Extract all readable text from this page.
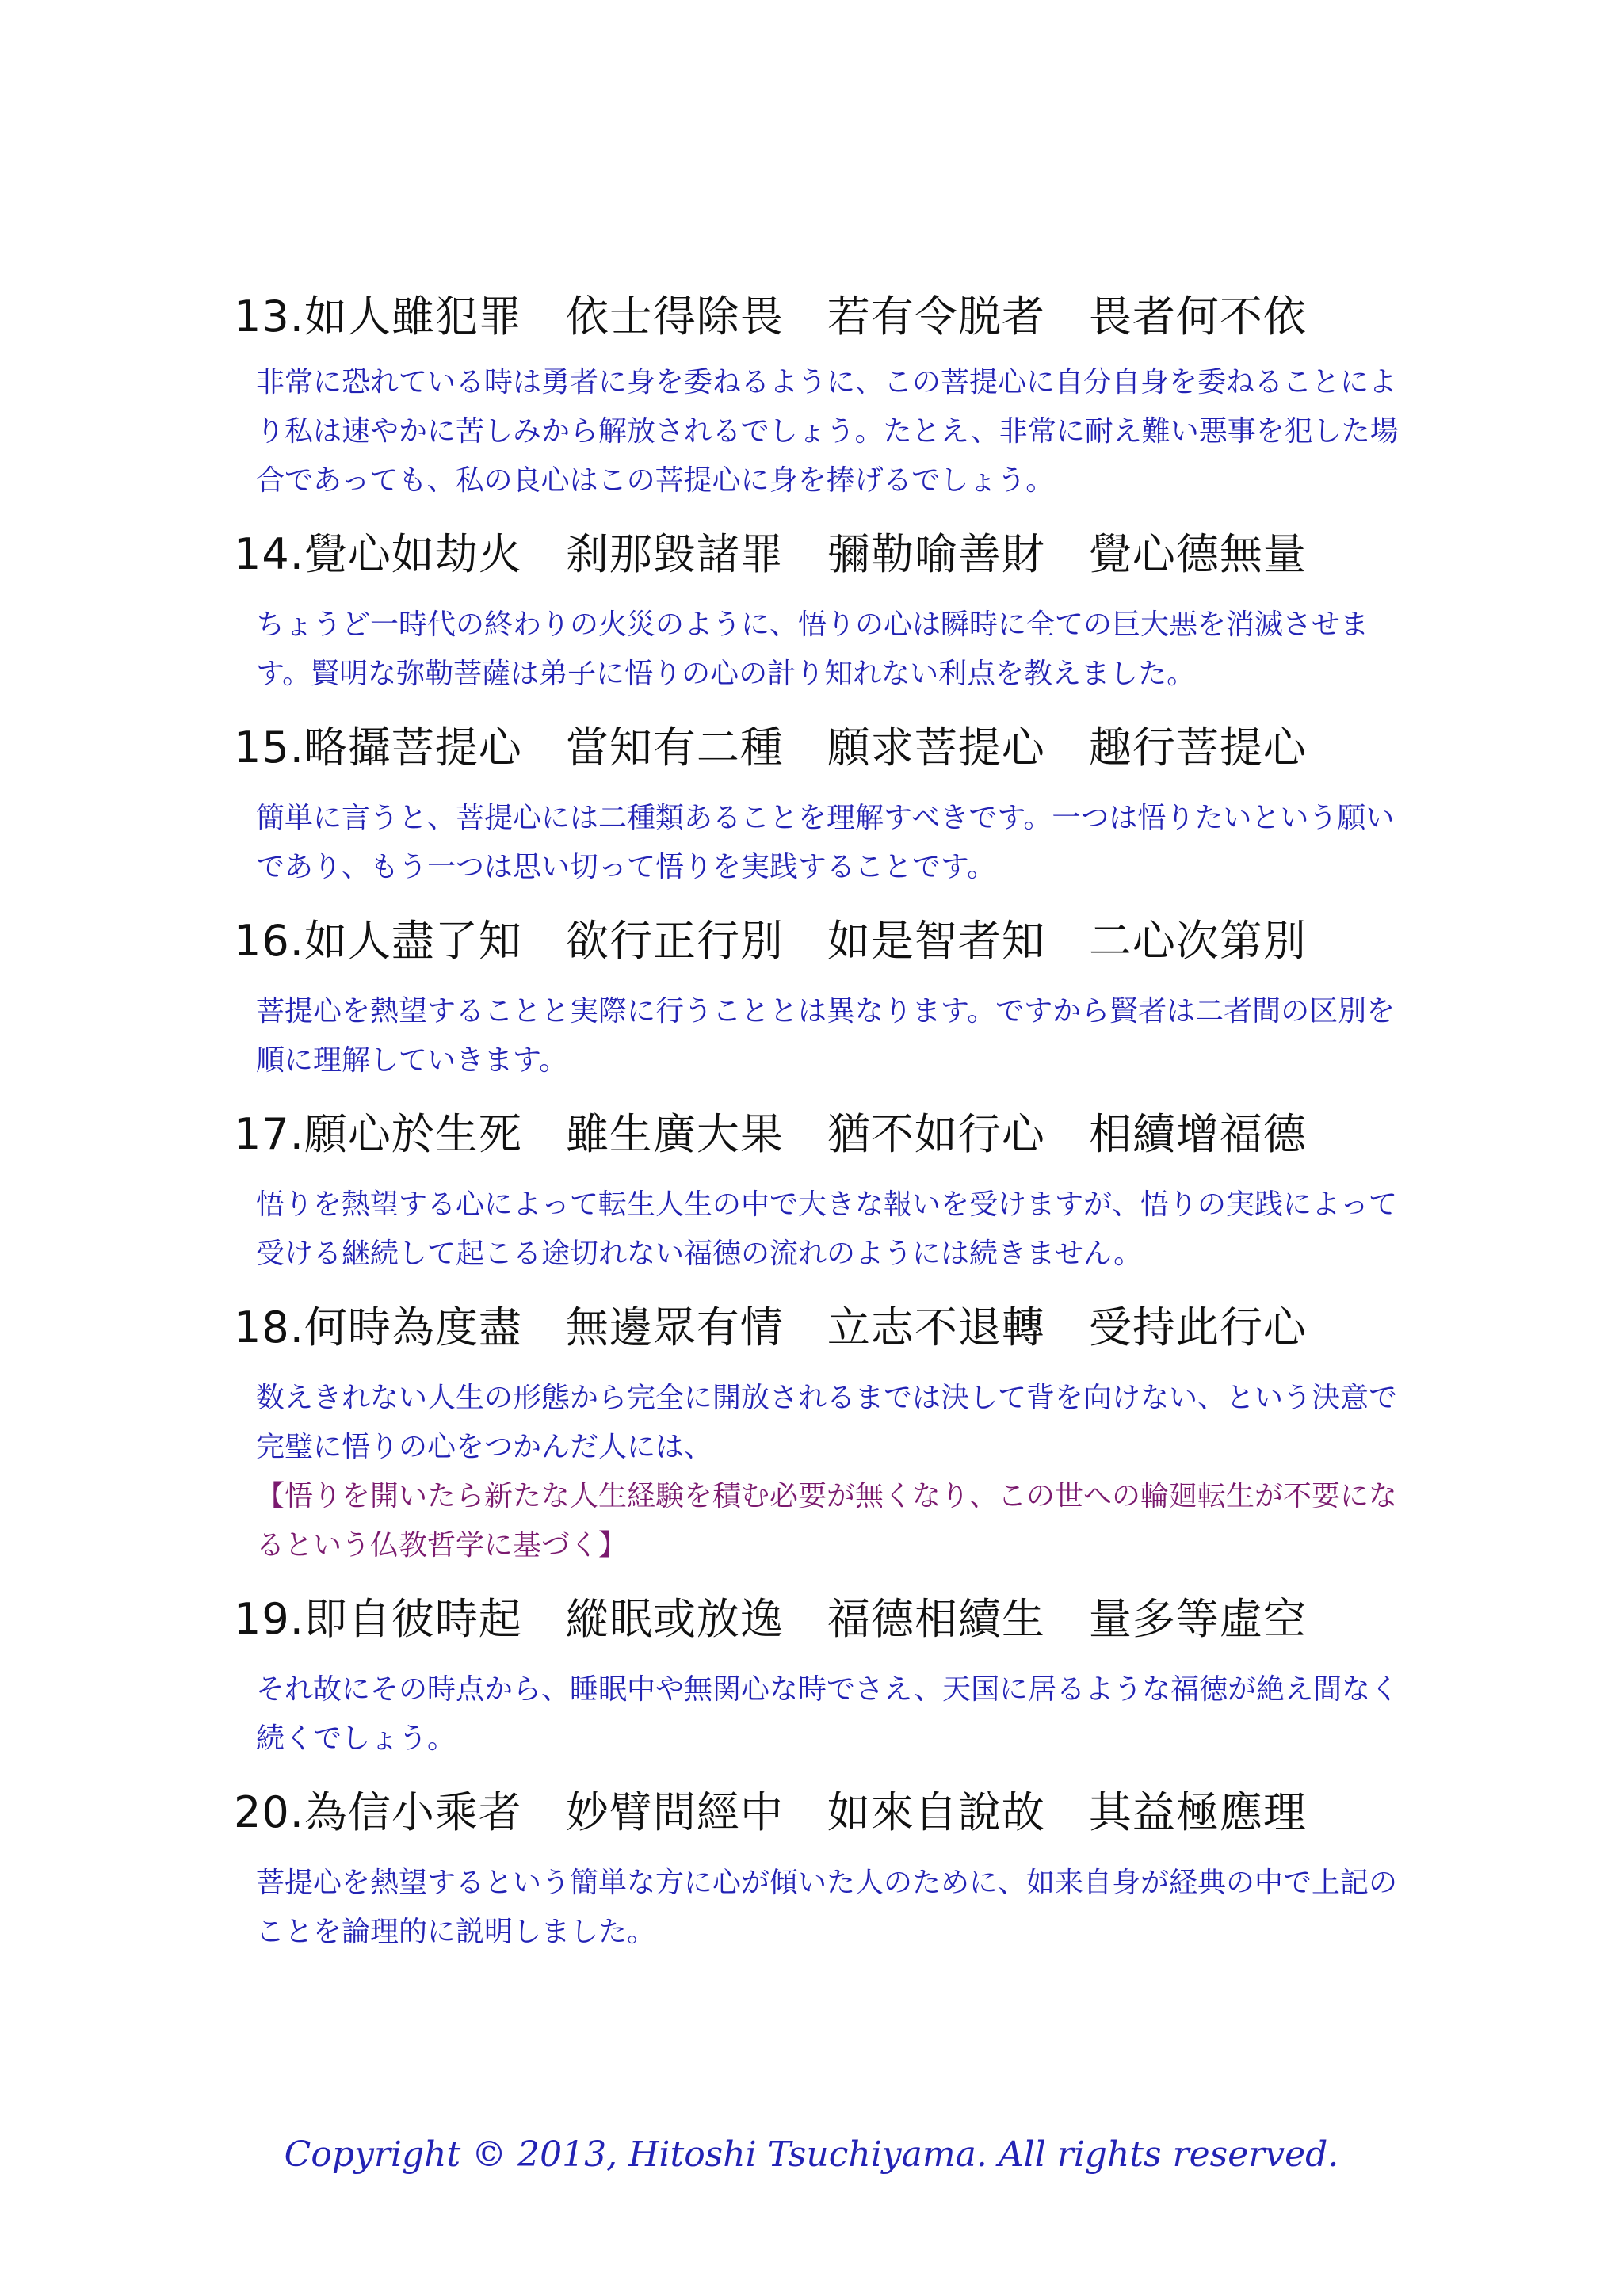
13.如人雖犯罪　依士得除畏　若有令脱者　畏者何不依
非常に恐れている時は勇者に身を委ねるように、この菩提心に自分自身を委ねることにより私は速やかに苦しみから解放されるでしょう。たとえ、非常に耐え難い悪事を犯した場合であっても、私の良心はこの菩提心に身を捧げるでしょう。
14.覺心如劫火　刹那毀諸罪　彌勒喻善財　覺心德無量
ちょうど一時代の終わりの火災のように、悟りの心は瞬時に全ての巨大悪を消滅させます。賢明な弥勒菩薩は弟子に悟りの心の計り知れない利点を教えました。
15.略攝菩提心　當知有二種　願求菩提心　趣行菩提心
簡単に言うと、菩提心には二種類あることを理解すべきです。一つは悟りたいという願いであり、もう一つは思い切って悟りを実践することです。
16.如人盡了知　欲行正行別　如是智者知　二心次第別
菩提心を熱望することと実際に行うこととは異なります。ですから賢者は二者間の区別を順に理解していきます。
17.願心於生死　雖生廣大果　猶不如行心　相續增福德
悟りを熱望する心によって転生人生の中で大きな報いを受けますが、悟りの実践によって受ける継続して起こる途切れない福徳の流れのようには続きません。
18.何時為度盡　無邊眾有情　立志不退轉　受持此行心
数えきれない人生の形態から完全に開放されるまでは決して背を向けない、という決意で完璧に悟りの心をつかんだ人には、
【悟りを開いたら新たな人生経験を積む必要が無くなり、この世への輪廻転生が不要になるという仏教哲学に基づく】
19.即自彼時起　縱眠或放逸　福德相續生　量多等虛空
それ故にその時点から、睡眠中や無関心な時でさえ、天国に居るような福徳が絶え間なく続くでしょう。
20.為信小乘者　妙臂問經中　如來自說故　其益極應理
菩提心を熱望するという簡単な方に心が傾いた人のために、如来自身が経典の中で上記のことを論理的に説明しました。
Copyright © 2013, Hitoshi Tsuchiyama. All rights reserved.
